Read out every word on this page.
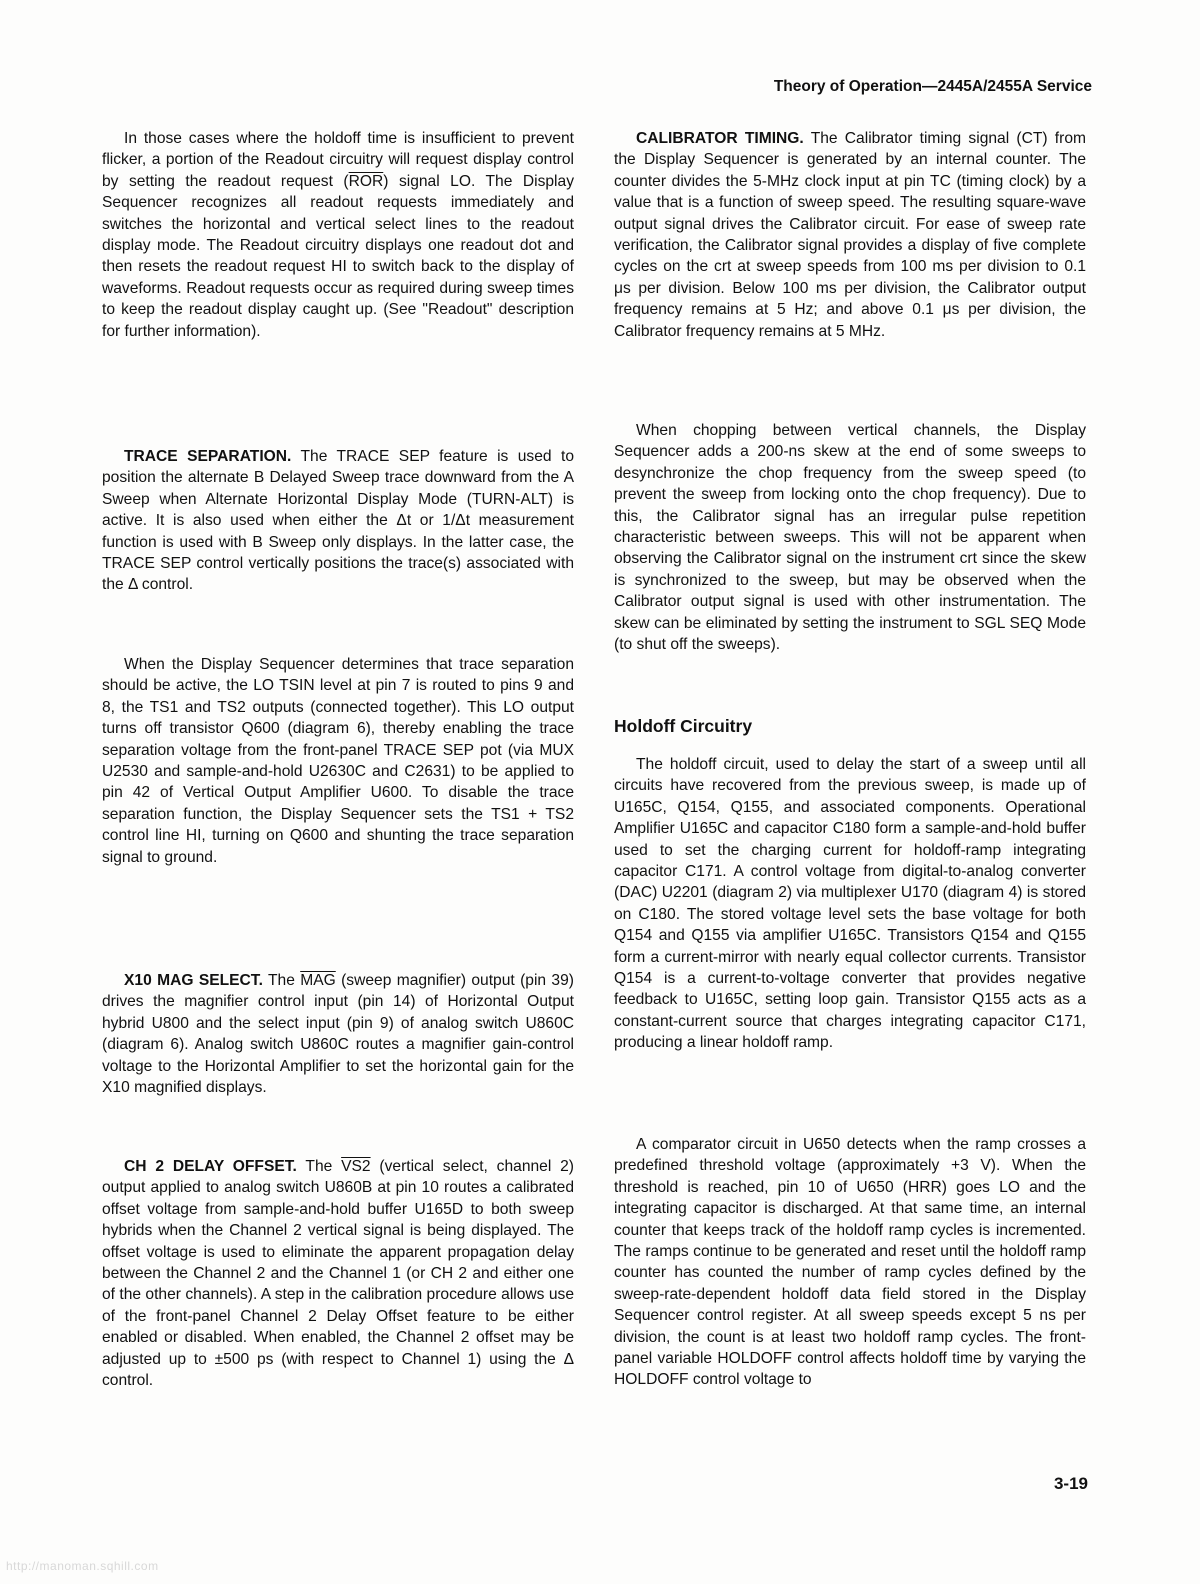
Theory of Operation—2445A/2455A Service

In those cases where the holdoff time is insufficient to prevent flicker, a portion of the Readout circuitry will request display control by setting the readout request $(\overline{ROR})$ signal LO. The Display Sequencer recognizes all readout requests immediately and switches the horizontal and vertical select lines to the readout display mode. The Readout circuitry displays one readout dot and then resets the readout request HI to switch back to the display of waveforms. Readout requests occur as required during sweep times to keep the readout display caught up. (See "Readout" description for further information).

TRACE SEPARATION. The TRACE SEP feature is used to position the alternate B Delayed Sweep trace downward from the A Sweep when Alternate Horizontal Display Mode (TURN-ALT) is active. It is also used when either the Δt or 1/Δt measurement function is used with B Sweep only displays. In the latter case, the TRACE SEP control vertically positions the trace(s) associated with the Δ control.

When the Display Sequencer determines that trace separation should be active, the LO TSIN level at pin 7 is routed to pins 9 and 8, the TS1 and TS2 outputs (connected together). This LO output turns off transistor Q600 (diagram 6), thereby enabling the trace separation voltage from the front-panel TRACE SEP pot (via MUX U2530 and sample-and-hold U2630C and C2631) to be applied to pin 42 of Vertical Output Amplifier U600. To disable the trace separation function, the Display Sequencer sets the TS1 + TS2 control line HI, turning on Q600 and shunting the trace separation signal to ground.

X10 MAG SELECT. The $\overline{MAG}$ (sweep magnifier) output (pin 39) drives the magnifier control input (pin 14) of Horizontal Output hybrid U800 and the select input (pin 9) of analog switch U860C (diagram 6). Analog switch U860C routes a magnifier gain-control voltage to the Horizontal Amplifier to set the horizontal gain for the X10 magnified displays.

CH 2 DELAY OFFSET. The VS2 (vertical select, channel 2) output applied to analog switch U860B at pin 10 routes a calibrated offset voltage from sample-and-hold buffer U165D to both sweep hybrids when the Channel 2 vertical signal is being displayed. The offset voltage is used to eliminate the apparent propagation delay between the Channel 2 and the Channel 1 (or CH 2 and either one of the other channels). A step in the calibration procedure allows use of the front-panel Channel 2 Delay Offset feature to be either enabled or disabled. When enabled, the Channel 2 offset may be adjusted up to ±500 ps (with respect to Channel 1) using the Δ control.

CALIBRATOR TIMING. The Calibrator timing signal (CT) from the Display Sequencer is generated by an internal counter. The counter divides the 5-MHz clock input at pin TC (timing clock) by a value that is a function of sweep speed. The resulting square-wave output signal drives the Calibrator circuit. For ease of sweep rate verification, the Calibrator signal provides a display of five complete cycles on the crt at sweep speeds from 100 ms per division to 0.1 μs per division. Below 100 ms per division, the Calibrator output frequency remains at 5 Hz; and above 0.1 μs per division, the Calibrator frequency remains at 5 MHz.

When chopping between vertical channels, the Display Sequencer adds a 200-ns skew at the end of some sweeps to desynchronize the chop frequency from the sweep speed (to prevent the sweep from locking onto the chop frequency). Due to this, the Calibrator signal has an irregular pulse repetition characteristic between sweeps. This will not be apparent when observing the Calibrator signal on the instrument crt since the skew is synchronized to the sweep, but may be observed when the Calibrator output signal is used with other instrumentation. The skew can be eliminated by setting the instrument to SGL SEQ Mode (to shut off the sweeps).

Holdoff Circuitry

The holdoff circuit, used to delay the start of a sweep until all circuits have recovered from the previous sweep, is made up of U165C, Q154, Q155, and associated components. Operational Amplifier U165C and capacitor C180 form a sample-and-hold buffer used to set the charging current for holdoff-ramp integrating capacitor C171. A control voltage from digital-to-analog converter (DAC) U2201 (diagram 2) via multiplexer U170 (diagram 4) is stored on C180. The stored voltage level sets the base voltage for both Q154 and Q155 via amplifier U165C. Transistors Q154 and Q155 form a current-mirror with nearly equal collector currents. Transistor Q154 is a current-to-voltage converter that provides negative feedback to U165C, setting loop gain. Transistor Q155 acts as a constant-current source that charges integrating capacitor C171, producing a linear holdoff ramp.

A comparator circuit in U650 detects when the ramp crosses a predefined threshold voltage (approximately +3 V). When the threshold is reached, pin 10 of U650 (HRR) goes LO and the integrating capacitor is discharged. At that same time, an internal counter that keeps track of the holdoff ramp cycles is incremented. The ramps continue to be generated and reset until the holdoff ramp counter has counted the number of ramp cycles defined by the sweep-rate-dependent holdoff data field stored in the Display Sequencer control register. At all sweep speeds except 5 ns per division, the count is at least two holdoff ramp cycles. The front-panel variable HOLDOFF control affects holdoff time by varying the HOLDOFF control voltage to

3-19
http://manoman.sqhill.com
